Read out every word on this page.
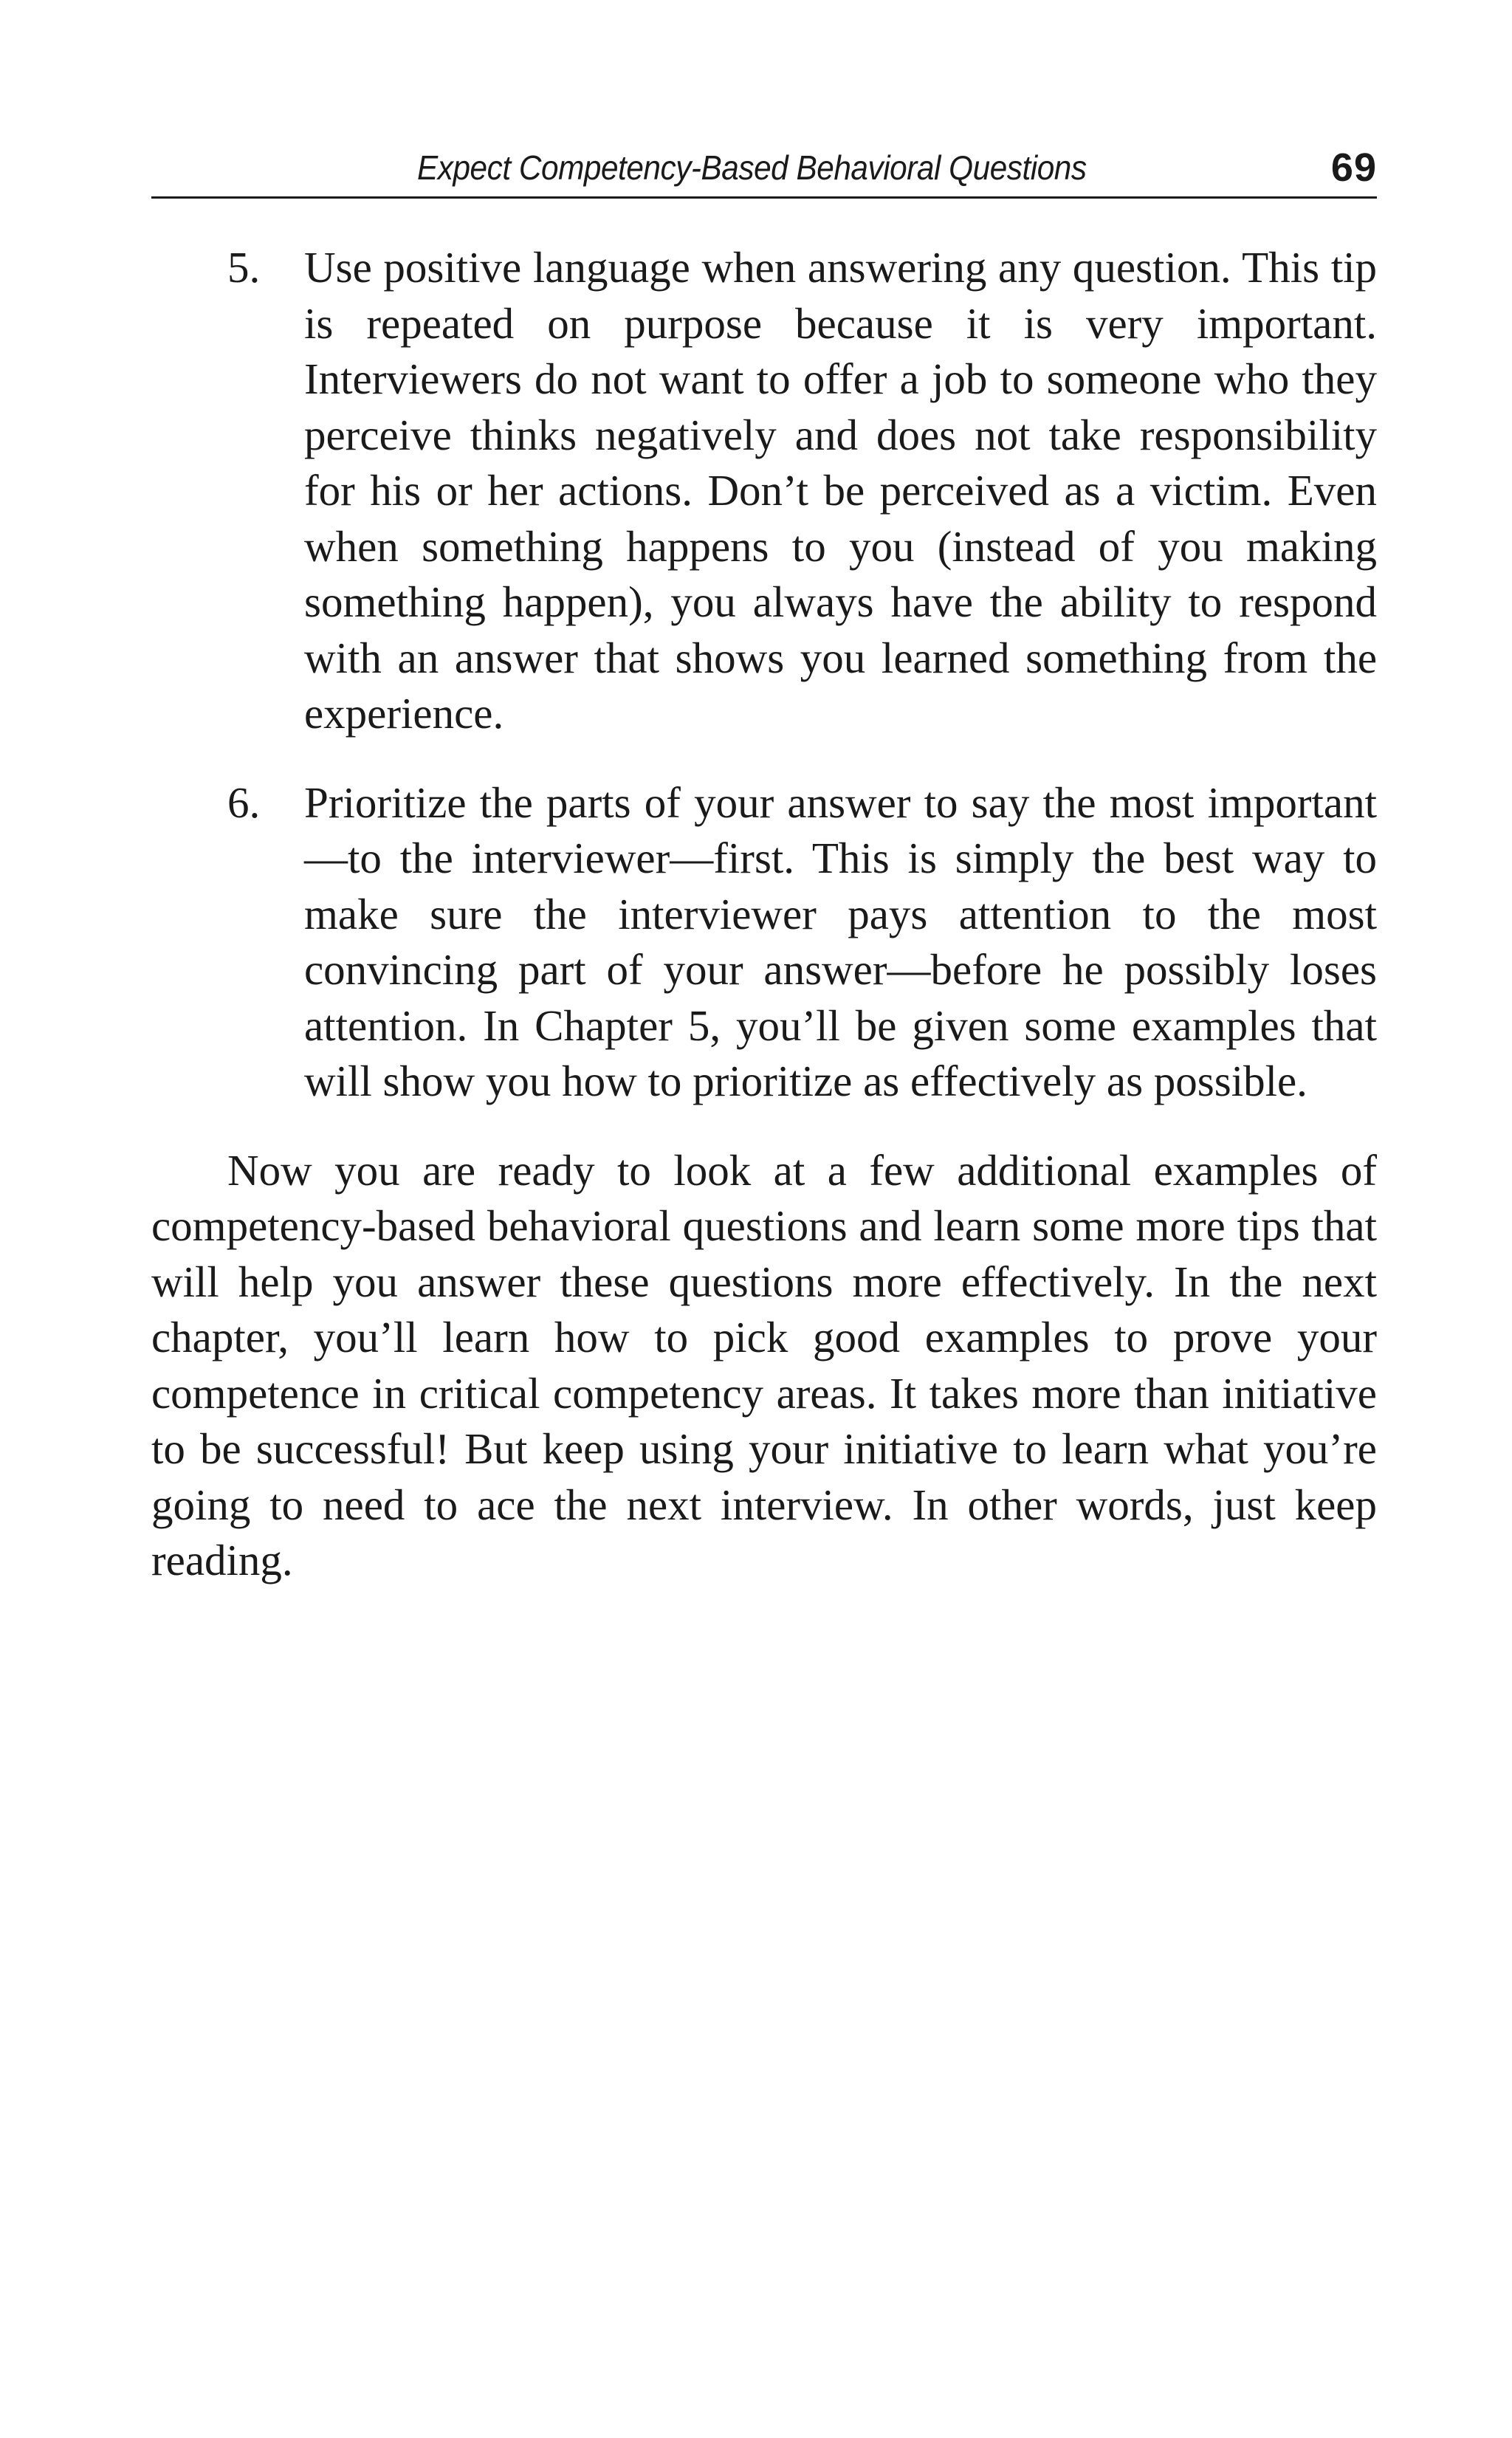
Expect Competency-Based Behavioral Questions	69
5. Use positive language when answering any question. This tip is repeated on purpose because it is very important. Interviewers do not want to offer a job to someone who they perceive thinks negatively and does not take responsibility for his or her actions. Don’t be perceived as a victim. Even when something happens to you (instead of you making something happen), you always have the ability to respond with an answer that shows you learned something from the experience.
6. Prioritize the parts of your answer to say the most important—to the interviewer—first. This is simply the best way to make sure the interviewer pays attention to the most convincing part of your answer—before he possibly loses attention. In Chapter 5, you’ll be given some examples that will show you how to prioritize as effectively as possible.

Now you are ready to look at a few additional examples of competency-based behavioral questions and learn some more tips that will help you answer these questions more effectively. In the next chapter, you’ll learn how to pick good examples to prove your competence in critical competency areas. It takes more than initiative to be successful! But keep using your initiative to learn what you’re going to need to ace the next interview. In other words, just keep reading.
